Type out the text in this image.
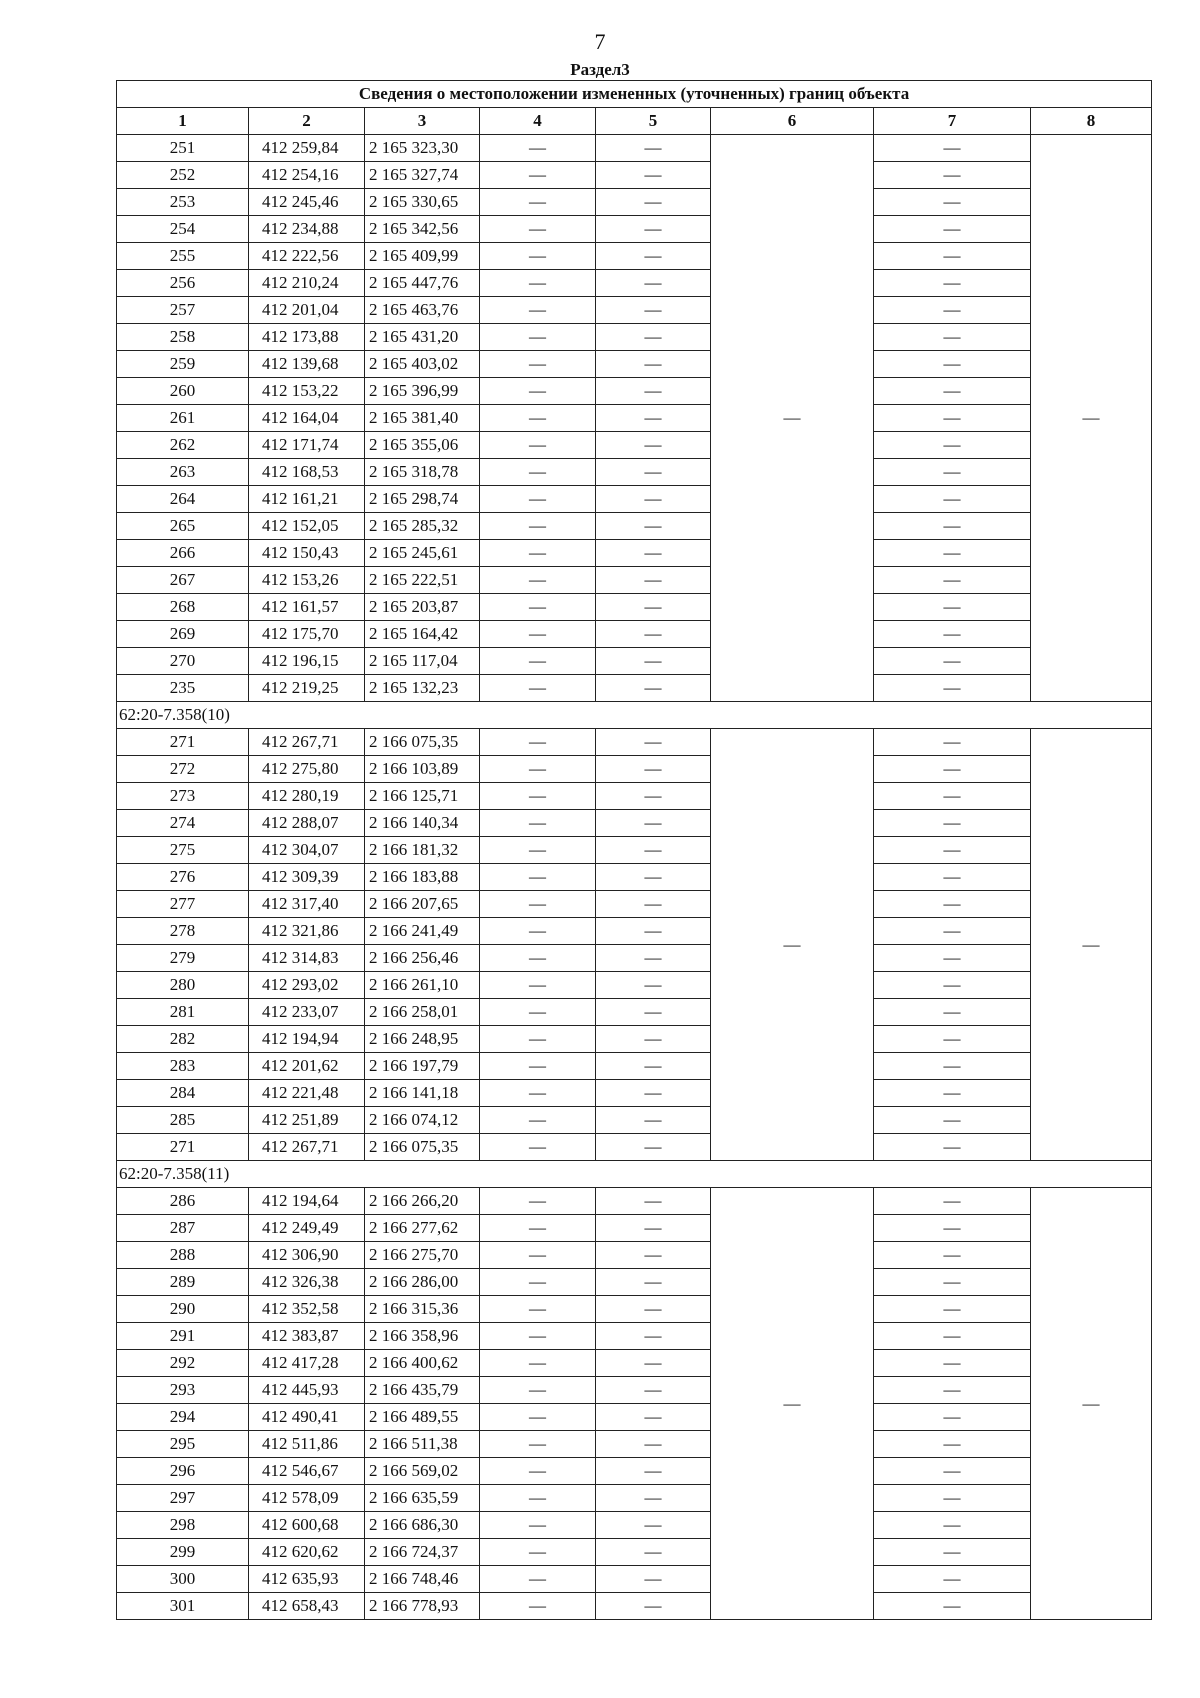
7
Раздел3
Сведения о местоположении измененных (уточненных) границ объекта							
1	2	3	4	5	6	7	8
251	412 259,84	2 165 323,30	—	—	—	—	—
252	412 254,16	2 165 327,74	—	—		—	
253	412 245,46	2 165 330,65	—	—		—	
254	412 234,88	2 165 342,56	—	—		—	
255	412 222,56	2 165 409,99	—	—		—	
256	412 210,24	2 165 447,76	—	—		—	
257	412 201,04	2 165 463,76	—	—		—	
258	412 173,88	2 165 431,20	—	—		—	
259	412 139,68	2 165 403,02	—	—		—	
260	412 153,22	2 165 396,99	—	—		—	
261	412 164,04	2 165 381,40	—	—		—	
262	412 171,74	2 165 355,06	—	—		—	
263	412 168,53	2 165 318,78	—	—		—	
264	412 161,21	2 165 298,74	—	—		—	
265	412 152,05	2 165 285,32	—	—		—	
266	412 150,43	2 165 245,61	—	—		—	
267	412 153,26	2 165 222,51	—	—		—	
268	412 161,57	2 165 203,87	—	—		—	
269	412 175,70	2 165 164,42	—	—		—	
270	412 196,15	2 165 117,04	—	—		—	
235	412 219,25	2 165 132,23	—	—		—	
62:20-7.358(10)							
271	412 267,71	2 166 075,35	—	—	—	—	—
272	412 275,80	2 166 103,89	—	—		—	
273	412 280,19	2 166 125,71	—	—		—	
274	412 288,07	2 166 140,34	—	—		—	
275	412 304,07	2 166 181,32	—	—		—	
276	412 309,39	2 166 183,88	—	—		—	
277	412 317,40	2 166 207,65	—	—		—	
278	412 321,86	2 166 241,49	—	—		—	
279	412 314,83	2 166 256,46	—	—		—	
280	412 293,02	2 166 261,10	—	—		—	
281	412 233,07	2 166 258,01	—	—		—	
282	412 194,94	2 166 248,95	—	—		—	
283	412 201,62	2 166 197,79	—	—		—	
284	412 221,48	2 166 141,18	—	—		—	
285	412 251,89	2 166 074,12	—	—		—	
271	412 267,71	2 166 075,35	—	—		—	
62:20-7.358(11)							
286	412 194,64	2 166 266,20	—	—	—	—	—
287	412 249,49	2 166 277,62	—	—		—	
288	412 306,90	2 166 275,70	—	—		—	
289	412 326,38	2 166 286,00	—	—		—	
290	412 352,58	2 166 315,36	—	—		—	
291	412 383,87	2 166 358,96	—	—		—	
292	412 417,28	2 166 400,62	—	—		—	
293	412 445,93	2 166 435,79	—	—		—	
294	412 490,41	2 166 489,55	—	—		—	
295	412 511,86	2 166 511,38	—	—		—	
296	412 546,67	2 166 569,02	—	—		—	
297	412 578,09	2 166 635,59	—	—		—	
298	412 600,68	2 166 686,30	—	—		—	
299	412 620,62	2 166 724,37	—	—		—	
300	412 635,93	2 166 748,46	—	—		—	
301	412 658,43	2 166 778,93	—	—		—	
